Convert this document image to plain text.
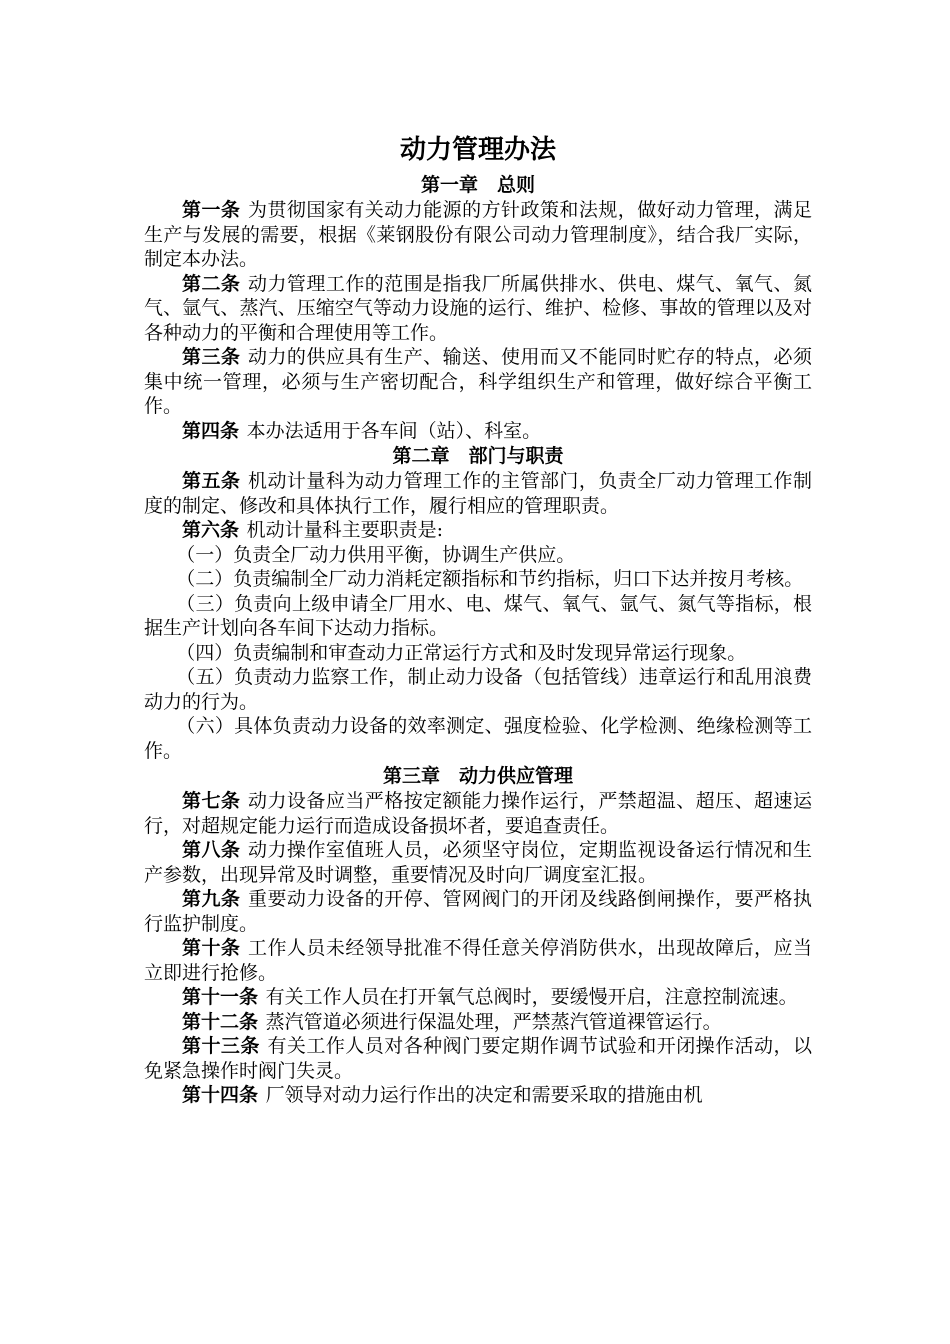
动力管理办法
第一章　总则

第一条 为贯彻国家有关动力能源的方针政策和法规，做好动力管理，满足生产与发展的需要，根据《莱钢股份有限公司动力管理制度》，结合我厂实际，制定本办法。

第二条 动力管理工作的范围是指我厂所属供排水、供电、煤气、氧气、氮气、氩气、蒸汽、压缩空气等动力设施的运行、维护、检修、事故的管理以及对各种动力的平衡和合理使用等工作。

第三条 动力的供应具有生产、输送、使用而又不能同时贮存的特点，必须集中统一管理，必须与生产密切配合，科学组织生产和管理，做好综合平衡工作。

第四条 本办法适用于各车间（站）、科室。

第二章　部门与职责

第五条 机动计量科为动力管理工作的主管部门，负责全厂动力管理工作制度的制定、修改和具体执行工作，履行相应的管理职责。

第六条 机动计量科主要职责是:

（一）负责全厂动力供用平衡，协调生产供应。

（二）负责编制全厂动力消耗定额指标和节约指标，归口下达并按月考核。

（三）负责向上级申请全厂用水、电、煤气、氧气、氩气、氮气等指标，根据生产计划向各车间下达动力指标。

（四）负责编制和审查动力正常运行方式和及时发现异常运行现象。

（五）负责动力监察工作，制止动力设备（包括管线）违章运行和乱用浪费动力的行为。

（六）具体负责动力设备的效率测定、强度检验、化学检测、绝缘检测等工作。

第三章　动力供应管理

第七条 动力设备应当严格按定额能力操作运行，严禁超温、超压、超速运行，对超规定能力运行而造成设备损坏者，要追查责任。

第八条 动力操作室值班人员，必须坚守岗位，定期监视设备运行情况和生产参数，出现异常及时调整，重要情况及时向厂调度室汇报。

第九条 重要动力设备的开停、管网阀门的开闭及线路倒闸操作，要严格执行监护制度。

第十条 工作人员未经领导批准不得任意关停消防供水，出现故障后，应当立即进行抢修。

第十一条 有关工作人员在打开氧气总阀时，要缓慢开启，注意控制流速。

第十二条 蒸汽管道必须进行保温处理，严禁蒸汽管道裸管运行。

第十三条 有关工作人员对各种阀门要定期作调节试验和开闭操作活动，以免紧急操作时阀门失灵。

第十四条 厂领导对动力运行作出的决定和需要采取的措施由机
